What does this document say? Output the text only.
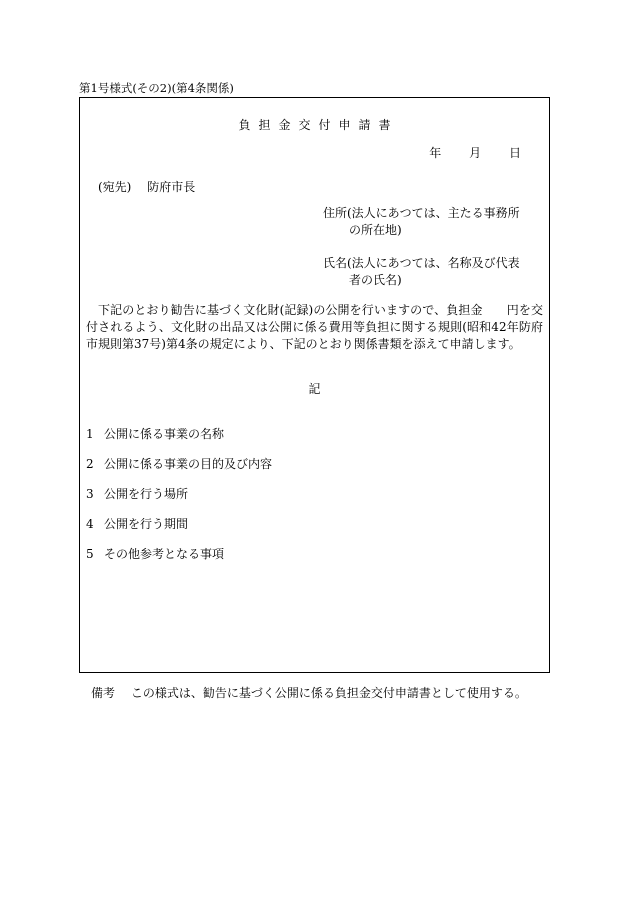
第1号様式(その2)(第4条関係)
負担金交付申請書
年 月 日
(宛先) 防府市長
住所(法人にあつては、主たる事務所
の所在地)
氏名(法人にあつては、名称及び代表
者の氏名)
下記のとおり勧告に基づく文化財(記録)の公開を行いますので、負担金　　円を交付されるよう、文化財の出品又は公開に係る費用等負担に関する規則(昭和42年防府市規則第37号)第4条の規定により、下記のとおり関係書類を添えて申請します。
記
1 公開に係る事業の名称
2 公開に係る事業の目的及び内容
3 公開を行う場所
4 公開を行う期間
5 その他参考となる事項
備考 この様式は、勧告に基づく公開に係る負担金交付申請書として使用する。
